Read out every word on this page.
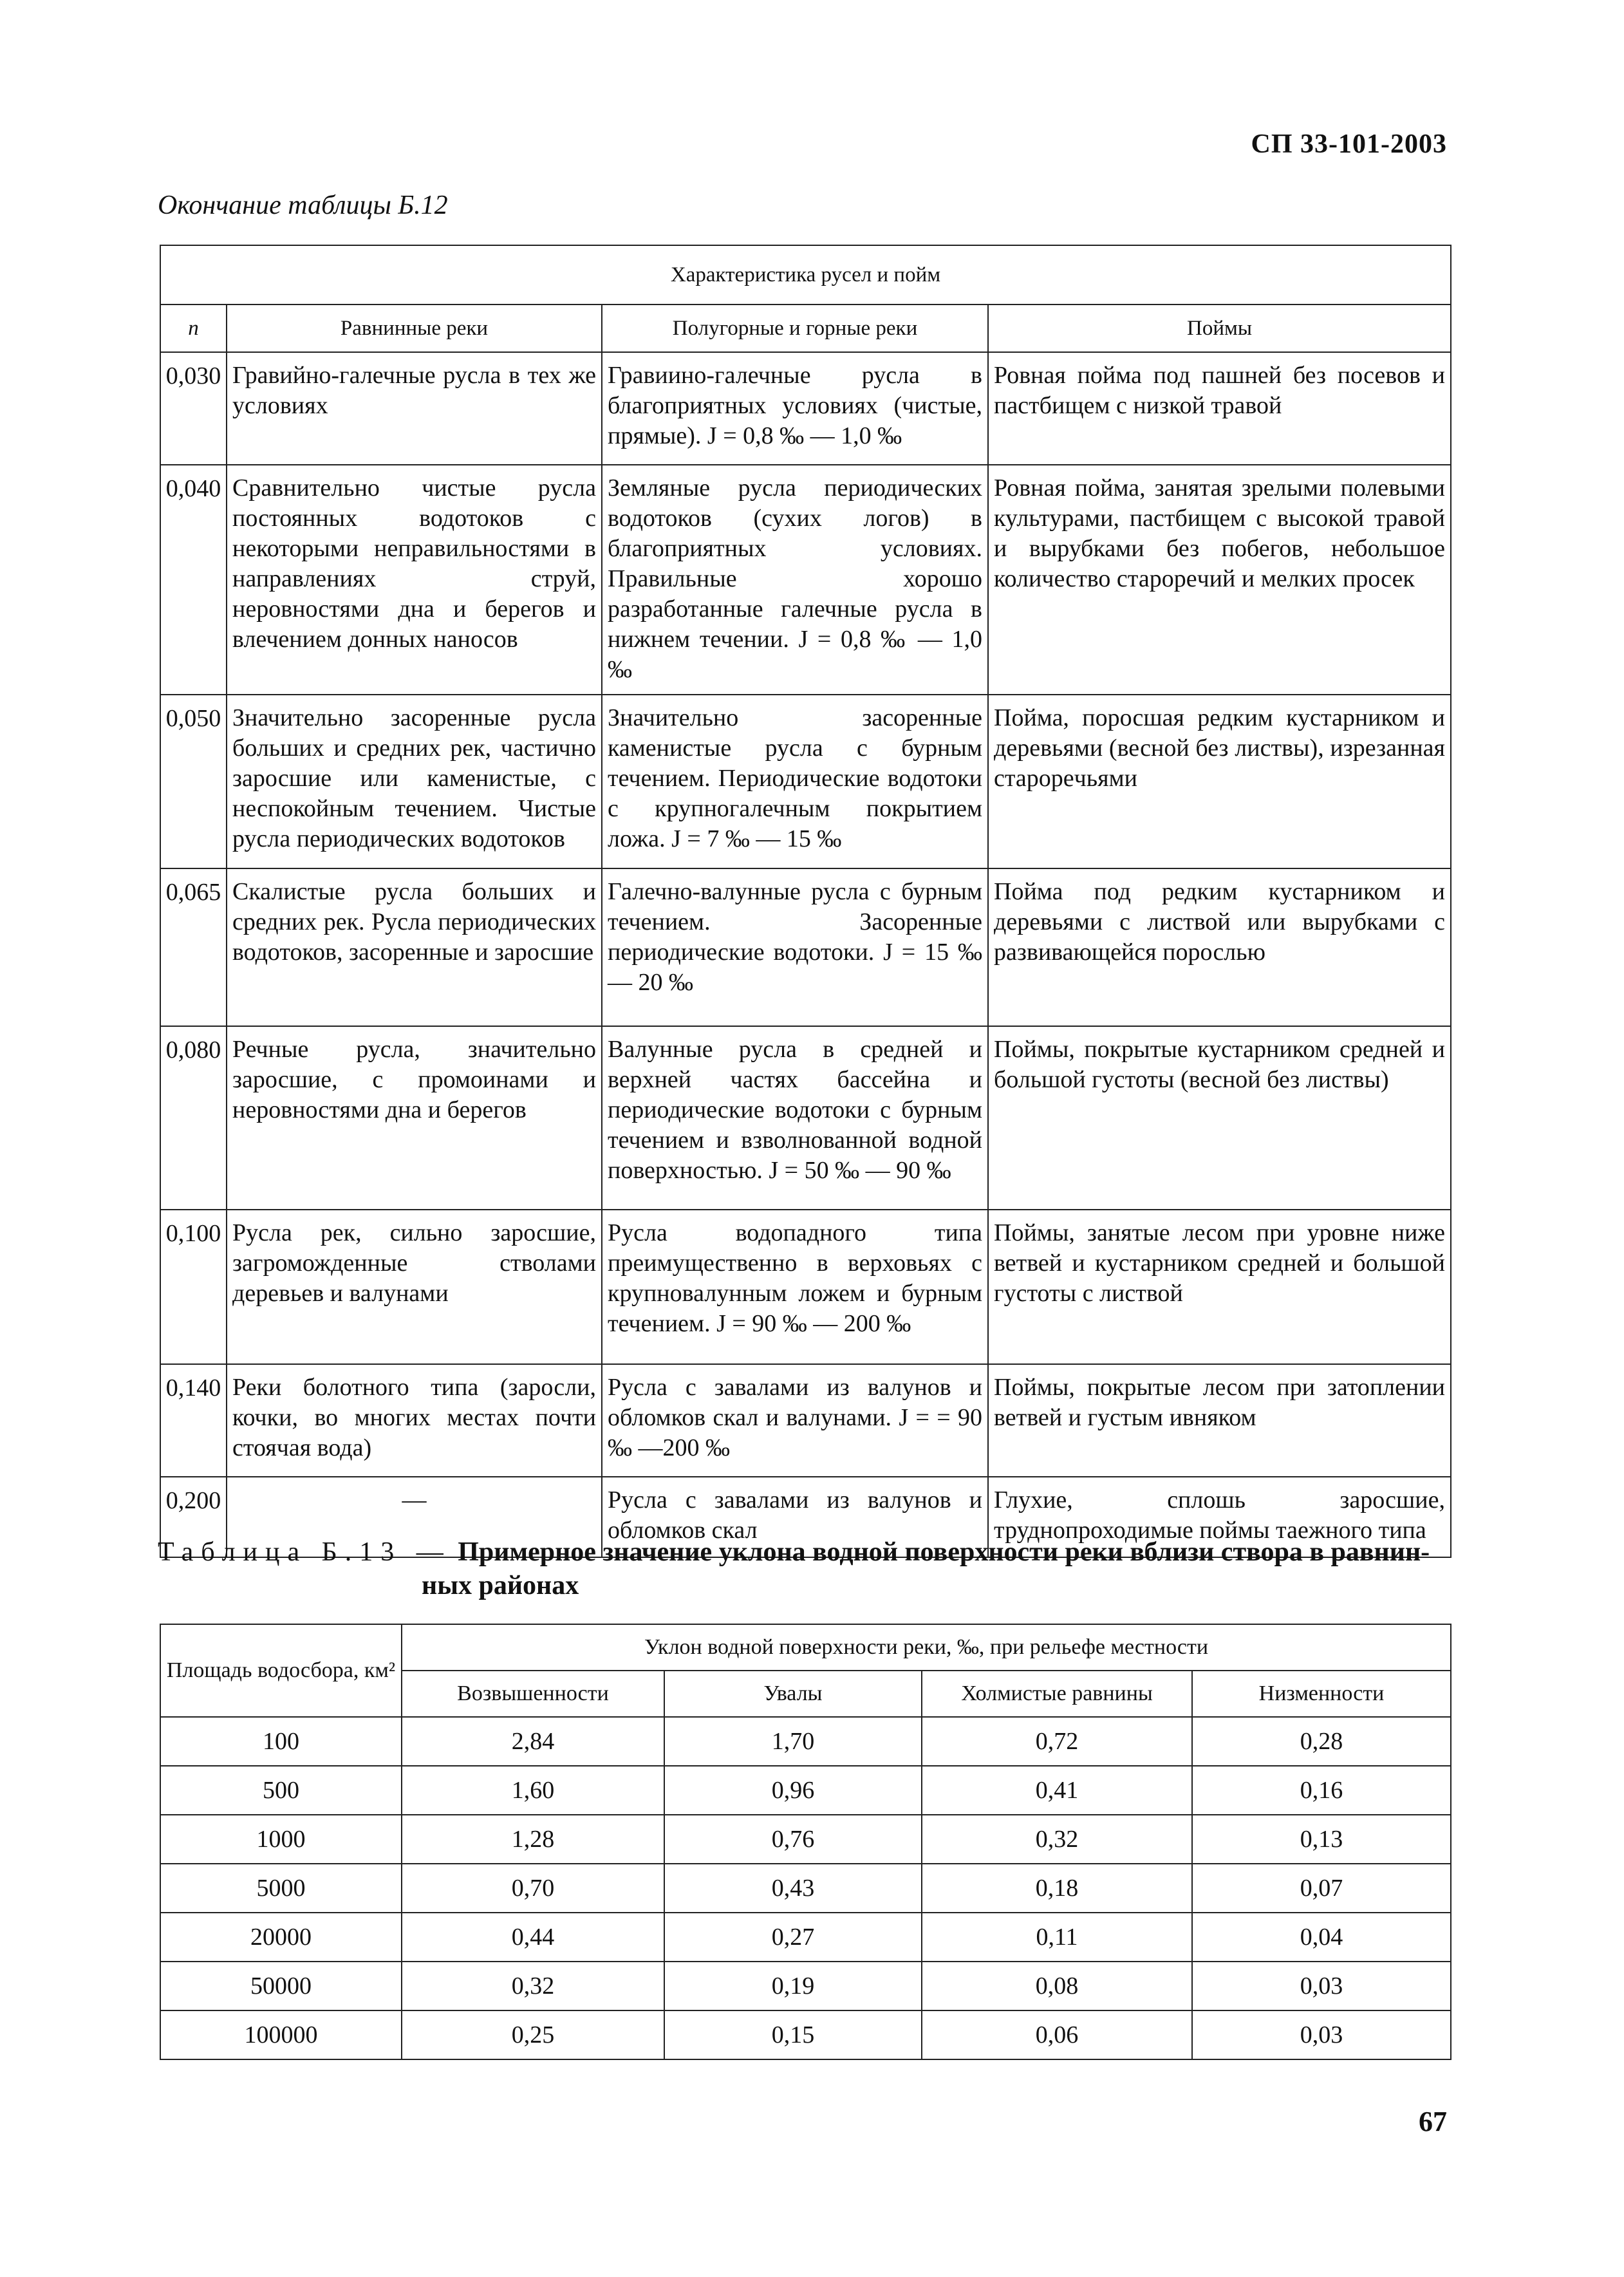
СП 33-101-2003
Окончание таблицы Б.12
Характеристика русел и пойм			
n	Равнинные реки	Полугорные и горные реки	Поймы
0,030	Гравийно-галечные русла в тех же условиях	Гравиино-галечные русла в благоприятных условиях (чистые, прямые). J = 0,8 ‰ — 1,0 ‰	Ровная пойма под пашней без посевов и пастбищем с низкой травой
0,040	Сравнительно чистые русла постоянных водотоков с некоторыми неправильностями в направлениях струй, неровностями дна и берегов и влечением донных наносов	Земляные русла периодических водотоков (сухих логов) в благоприятных условиях. Правильные хорошо разработанные галечные русла в нижнем течении. J = 0,8 ‰ — 1,0 ‰	Ровная пойма, занятая зрелыми полевыми культурами, пастбищем с высокой травой и вырубками без побегов, небольшое количество старорeчий и мелких просек
0,050	Значительно засоренные русла больших и средних рек, частично заросшие или каменистые, с неспокойным течением. Чистые русла периодических водотоков	Значительно засоренные каменистые русла с бурным течением. Периодические водотоки с крупногалечным покрытием ложа. J = 7 ‰ — 15 ‰	Пойма, поросшая редким кустарником и деревьями (весной без листвы), изрезанная старорeчьями
0,065	Скалистые русла больших и средних рек. Русла периодических водотоков, засоренные и заросшие	Галечно-валунные русла с бурным течением. Засоренные периодические водотоки. J = 15 ‰ — 20 ‰	Пойма под редким кустарником и деревьями с листвой или вырубками с развивающейся порослью
0,080	Речные русла, значительно заросшие, с промоинами и неровностями дна и берегов	Валунные русла в средней и верхней частях бассейна и периодические водотоки с бурным течением и взволнованной водной поверхностью. J = 50 ‰ — 90 ‰	Поймы, покрытые кустарником средней и большой густоты (весной без листвы)
0,100	Русла рек, сильно заросшие, загроможденные стволами деревьев и валунами	Русла водопадного типа преимущественно в верховьях с крупновалунным ложем и бурным течением. J = 90 ‰ — 200 ‰	Поймы, занятые лесом при уровне ниже ветвей и кустарником средней и большой густоты с листвой
0,140	Реки болотного типа (заросли, кочки, во многих местах почти стоячая вода)	Русла с завалами из валунов и обломков скал и валунами. J = = 90 ‰ —200 ‰	Поймы, покрытые лесом при затоплении ветвей и густым ивняком
0,200	—	Русла с завалами из валунов и обломков скал	Глухие, сплошь заросшие, труднопроходимые поймы таежного типа
Таблица Б.13 — Примерное значение уклона водной поверхности реки вблизи створа в равнин-
ных районах
Площадь водосбора, км²	Уклон водной поверхности реки, ‰, при рельефе местности			
	Возвышенности	Увалы	Холмистые равнины	Низменности
100	2,84	1,70	0,72	0,28
500	1,60	0,96	0,41	0,16
1000	1,28	0,76	0,32	0,13
5000	0,70	0,43	0,18	0,07
20000	0,44	0,27	0,11	0,04
50000	0,32	0,19	0,08	0,03
100000	0,25	0,15	0,06	0,03
67
